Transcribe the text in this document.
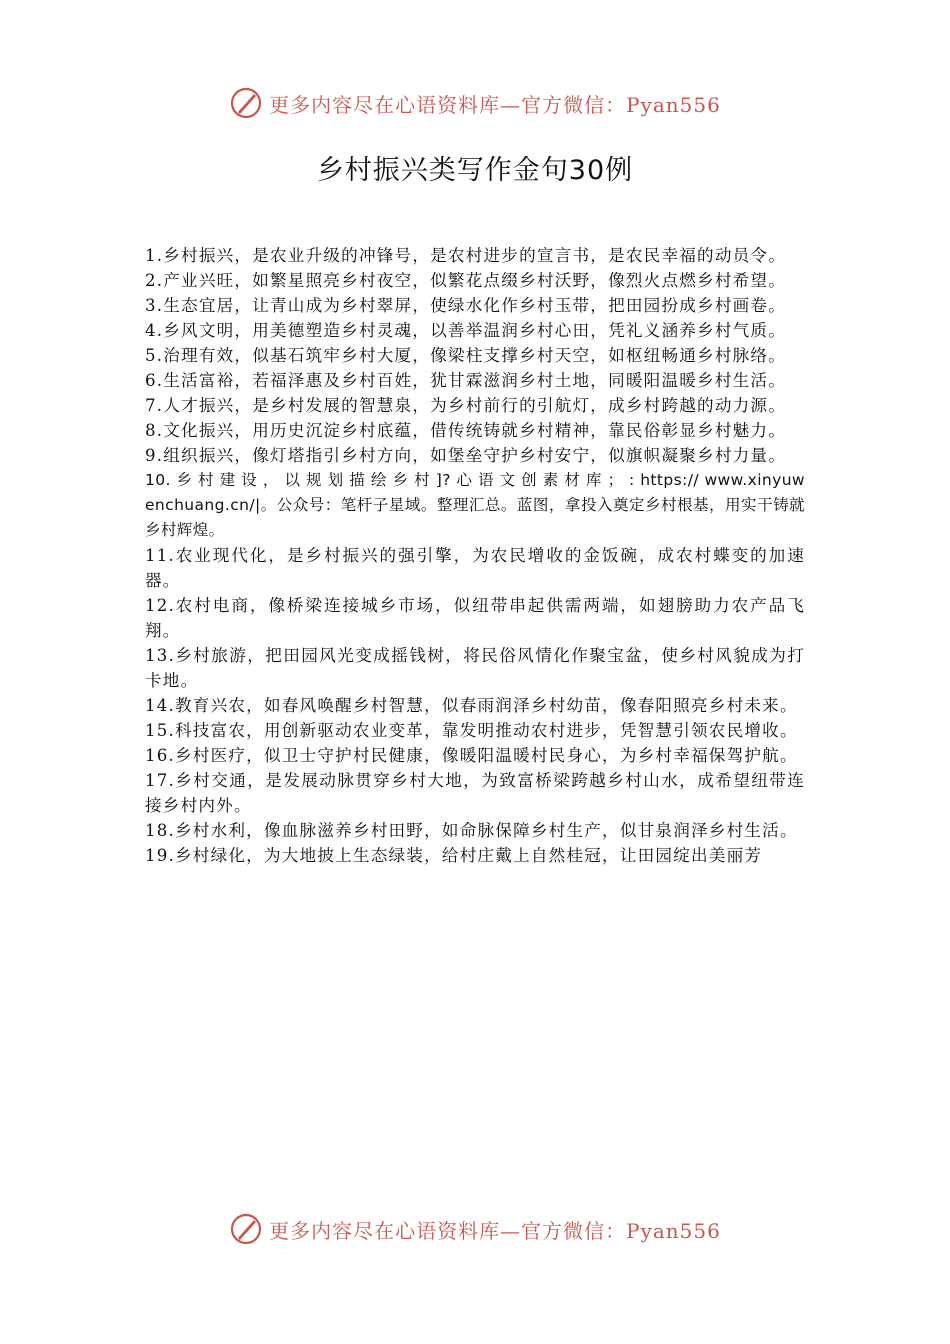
更多内容尽在心语资料库—官方微信：Pyan556
乡村振兴类写作金句30例

1.乡村振兴，是农业升级的冲锋号，是农村进步的宣言书，是农民幸福的动员令。

2.产业兴旺，如繁星照亮乡村夜空，似繁花点缀乡村沃野，像烈火点燃乡村希望。

3.生态宜居，让青山成为乡村翠屏，使绿水化作乡村玉带，把田园扮成乡村画卷。

4.乡风文明，用美德塑造乡村灵魂，以善举温润乡村心田，凭礼义涵养乡村气质。

5.治理有效，似基石筑牢乡村大厦，像梁柱支撑乡村天空，如枢纽畅通乡村脉络。

6.生活富裕，若福泽惠及乡村百姓，犹甘霖滋润乡村土地，同暖阳温暖乡村生活。

7.人才振兴，是乡村发展的智慧泉，为乡村前行的引航灯，成乡村跨越的动力源。

8.文化振兴，用历史沉淀乡村底蕴，借传统铸就乡村精神，靠民俗彰显乡村魅力。

9.组织振兴，像灯塔指引乡村方向，如堡垒守护乡村安宁，似旗帜凝聚乡村力量。

10. 乡 村 建 设 ， 以 规 划 描 绘 乡 村 ]? 心 语 文 创 素 材 库 ； : https:// www.xinyuwenchuang.cn/|。公众号：笔杆子星域。整理汇总。蓝图，拿投入奠定乡村根基，用实干铸就乡村辉煌。

11.农业现代化，是乡村振兴的强引擎，为农民增收的金饭碗，成农村蝶变的加速器。

12.农村电商，像桥梁连接城乡市场，似纽带串起供需两端，如翅膀助力农产品飞翔。

13.乡村旅游，把田园风光变成摇钱树，将民俗风情化作聚宝盆，使乡村风貌成为打卡地。

14.教育兴农，如春风唤醒乡村智慧，似春雨润泽乡村幼苗，像春阳照亮乡村未来。

15.科技富农，用创新驱动农业变革，靠发明推动农村进步，凭智慧引领农民增收。

16.乡村医疗，似卫士守护村民健康，像暖阳温暖村民身心，为乡村幸福保驾护航。

17.乡村交通，是发展动脉贯穿乡村大地，为致富桥梁跨越乡村山水，成希望纽带连接乡村内外。

18.乡村水利，像血脉滋养乡村田野，如命脉保障乡村生产，似甘泉润泽乡村生活。

19.乡村绿化，为大地披上生态绿装，给村庄戴上自然桂冠，让田园绽出美丽芳

更多内容尽在心语资料库—官方微信：Pyan556
